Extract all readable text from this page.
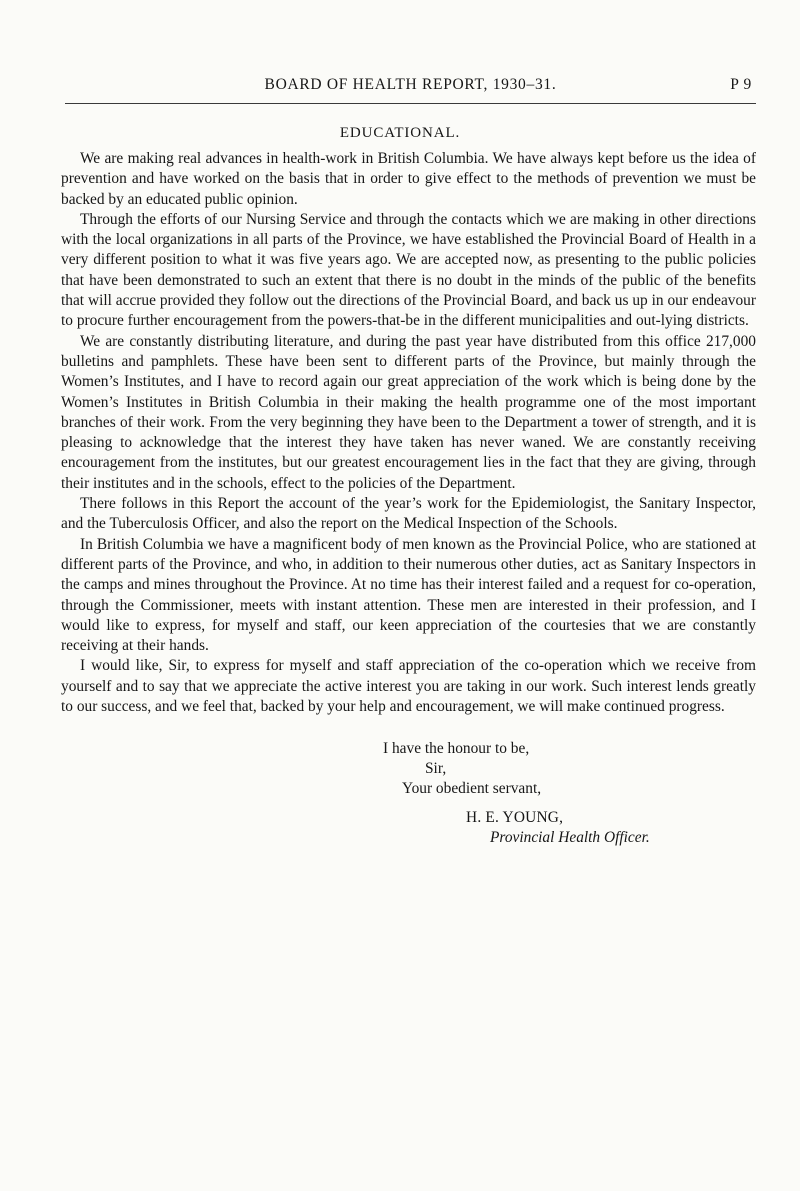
BOARD OF HEALTH REPORT, 1930–31.	P 9
EDUCATIONAL.

We are making real advances in health-work in British Columbia. We have always kept before us the idea of prevention and have worked on the basis that in order to give effect to the methods of prevention we must be backed by an educated public opinion.

Through the efforts of our Nursing Service and through the contacts which we are making in other directions with the local organizations in all parts of the Province, we have established the Provincial Board of Health in a very different position to what it was five years ago. We are accepted now, as presenting to the public policies that have been demonstrated to such an extent that there is no doubt in the minds of the public of the benefits that will accrue provided they follow out the directions of the Provincial Board, and back us up in our endeavour to procure further encouragement from the powers-that-be in the different municipalities and out-lying districts.

We are constantly distributing literature, and during the past year have distributed from this office 217,000 bulletins and pamphlets. These have been sent to different parts of the Province, but mainly through the Women’s Institutes, and I have to record again our great appreciation of the work which is being done by the Women’s Institutes in British Columbia in their making the health programme one of the most important branches of their work. From the very beginning they have been to the Department a tower of strength, and it is pleasing to acknowledge that the interest they have taken has never waned. We are constantly receiving encouragement from the institutes, but our greatest encouragement lies in the fact that they are giving, through their institutes and in the schools, effect to the policies of the Department.

There follows in this Report the account of the year’s work for the Epidemiologist, the Sanitary Inspector, and the Tuberculosis Officer, and also the report on the Medical Inspection of the Schools.

In British Columbia we have a magnificent body of men known as the Provincial Police, who are stationed at different parts of the Province, and who, in addition to their numerous other duties, act as Sanitary Inspectors in the camps and mines throughout the Province. At no time has their interest failed and a request for co-operation, through the Commissioner, meets with instant attention. These men are interested in their profession, and I would like to express, for myself and staff, our keen appreciation of the courtesies that we are constantly receiving at their hands.

I would like, Sir, to express for myself and staff appreciation of the co-operation which we receive from yourself and to say that we appreciate the active interest you are taking in our work. Such interest lends greatly to our success, and we feel that, backed by your help and encouragement, we will make continued progress.

I have the honour to be,
Sir,
Your obedient servant,
H. E. YOUNG,
Provincial Health Officer.
